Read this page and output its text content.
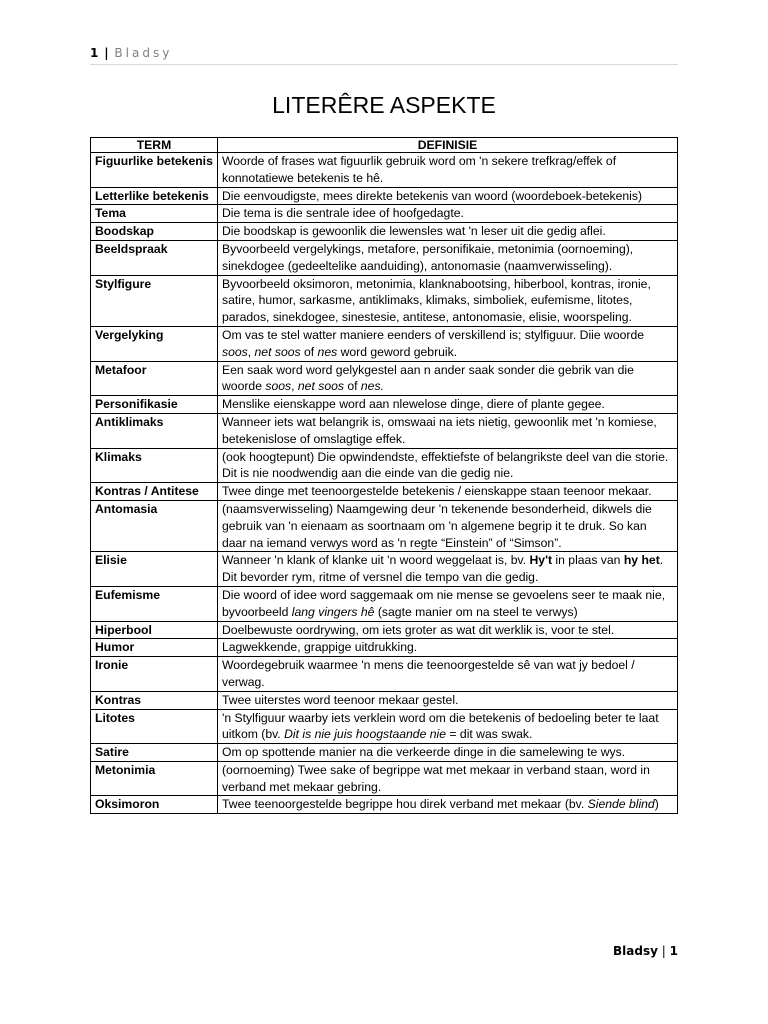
1 | Bladsy
LITERÊRE ASPEKTE
TERM	DEFINISIE
Figuurlike betekenis	Woorde of frases wat figuurlik gebruik word om 'n sekere trefkrag/effek of konnotatiewe betekenis te hê.
Letterlike betekenis	Die eenvoudigste, mees direkte betekenis van woord (woordeboek-betekenis)
Tema	Die tema is die sentrale idee of hoofgedagte.
Boodskap	Die boodskap is gewoonlik die lewensles wat 'n leser uit die gedig aflei.
Beeldspraak	Byvoorbeeld vergelykings, metafore, personifikaie, metonimia (oornoeming), sinekdogee (gedeeltelike aanduiding), antonomasie (naamverwisseling).
Stylfigure	Byvoorbeeld oksimoron, metonimia, klanknabootsing, hiberbool, kontras, ironie, satire, humor, sarkasme, antiklimaks, klimaks, simboliek, eufemisme, litotes, parados, sinekdogee, sinestesie, antitese, antonomasie, elisie, woorspeling.
Vergelyking	Om vas te stel watter maniere eenders of verskillend is; stylfiguur. Diie woorde soos, net soos of nes word geword gebruik.
Metafoor	Een saak word word gelykgestel aan n ander saak sonder die gebrik van die woorde soos, net soos of nes.
Personifikasie	Menslike eienskappe word aan nlewelose dinge, diere of plante gegee.
Antiklimaks	Wanneer iets wat belangrik is, omswaai na iets nietig, gewoonlik met 'n komiese, betekenislose of omslagtige effek.
Klimaks	(ook hoogtepunt) Die opwindendste, effektiefste of belangrikste deel van die storie. Dit is nie noodwendig aan die einde van die gedig nie.
Kontras / Antitese	Twee dinge met teenoorgestelde betekenis / eienskappe staan teenoor mekaar.
Antomasia	(naamsverwisseling) Naamgewing deur 'n tekenende besonderheid, dikwels die gebruik van 'n eienaam as soortnaam om 'n algemene begrip it te druk. So kan daar na iemand verwys word as 'n regte “Einstein” of “Simson”.
Elisie	Wanneer 'n klank of klanke uit 'n woord weggelaat is, bv. Hy't in plaas van hy het. Dit bevorder rym, ritme of versnel die tempo van die gedig.
Eufemisme	Die woord of idee word saggemaak om nie mense se gevoelens seer te maak nie, byvoorbeeld lang vingers hê (sagte manier om na steel te verwys)
Hiperbool	Doelbewuste oordrywing, om iets groter as wat dit werklik is, voor te stel.
Humor	Lagwekkende, grappige uitdrukking.
Ironie	Woordegebruik waarmee 'n mens die teenoorgestelde sê van wat jy bedoel / verwag.
Kontras	Twee uiterstes word teenoor mekaar gestel.
Litotes	'n Stylfiguur waarby iets verklein word om die betekenis of bedoeling beter te laat uitkom (bv. Dit is nie juis hoogstaande nie = dit was swak.
Satire	Om op spottende manier na die verkeerde dinge in die samelewing te wys.
Metonimia	(oornoeming) Twee sake of begrippe wat met mekaar in verband staan, word in verband met mekaar gebring.
Oksimoron	Twee teenoorgestelde begrippe hou direk verband met mekaar (bv. Siende blind)
Bladsy | 1
